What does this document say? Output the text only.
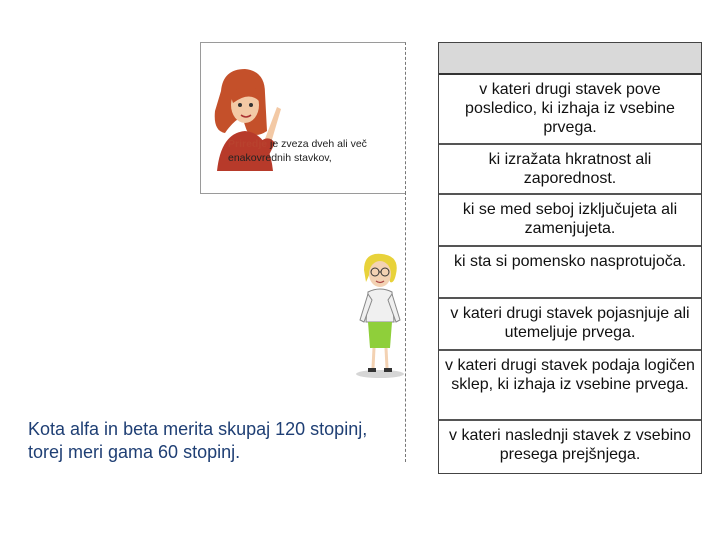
Priredje je zveza dveh ali več enakovrednih stavkov,
v kateri drugi stavek pove posledico, ki izhaja iz vsebine prvega.
ki izražata hkratnost ali zaporednost.
ki se med seboj izključujeta ali zamenjujeta.
ki sta si pomensko nasprotujoča.
v kateri drugi stavek pojasnjuje ali utemeljuje prvega.
v kateri drugi stavek podaja logičen sklep, ki izhaja iz vsebine prvega.
v kateri naslednji stavek z vsebino presega prejšnjega.
Kota alfa in beta merita skupaj 120 stopinj, torej meri gama 60 stopinj.
